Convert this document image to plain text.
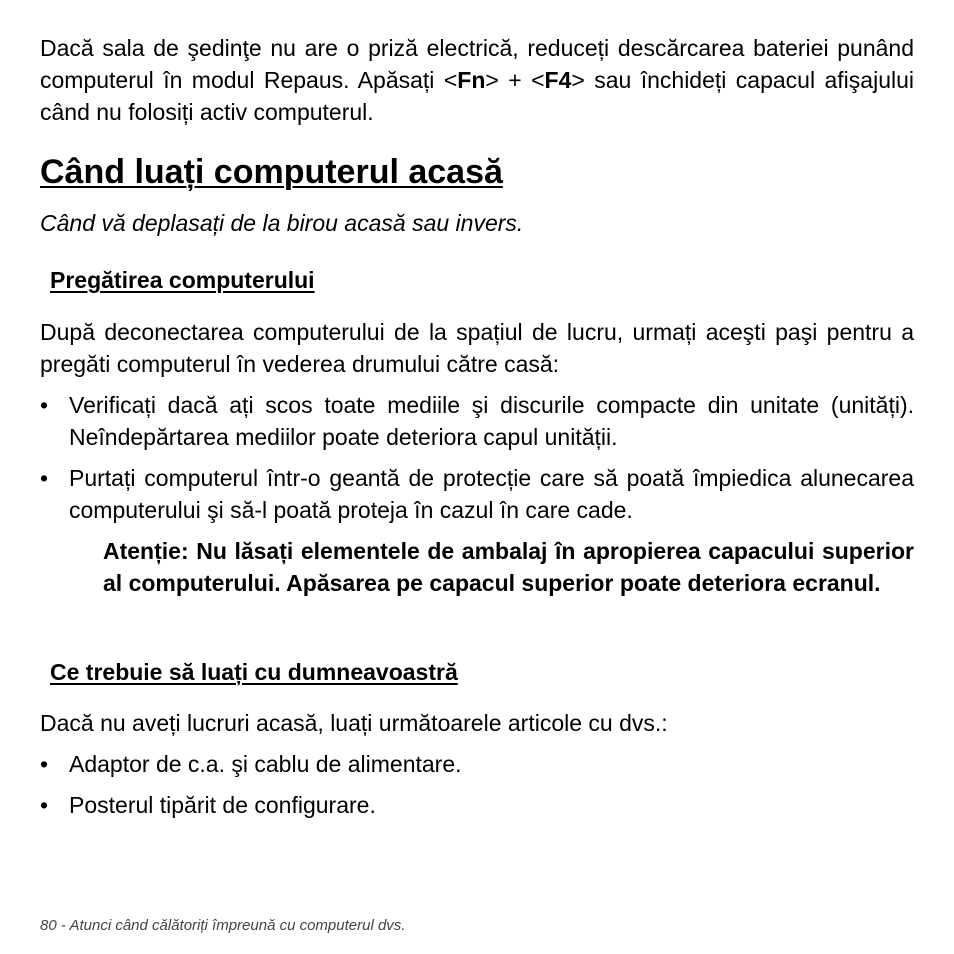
Dacă sala de şedinţe nu are o priză electrică, reduceți descărcarea bateriei punând computerul în modul Repaus. Apăsați <Fn> + <F4> sau închideți capacul afişajului când nu folosiți activ computerul.

Când luați computerul acasă

Când vă deplasați de la birou acasă sau invers.

Pregătirea computerului

După deconectarea computerului de la spațiul de lucru, urmați aceşti paşi pentru a pregăti computerul în vederea drumului către casă:

• Verificați dacă ați scos toate mediile şi discurile compacte din unitate (unități). Neîndepărtarea mediilor poate deteriora capul unității.
• Purtați computerul într-o geantă de protecție care să poată împiedica alunecarea computerului şi să-l poată proteja în cazul în care cade.
Atenție: Nu lăsați elementele de ambalaj în apropierea capacului superior al computerului. Apăsarea pe capacul superior poate deteriora ecranul.
Ce trebuie să luați cu dumneavoastră

Dacă nu aveți lucruri acasă, luați următoarele articole cu dvs.:

• Adaptor de c.a. şi cablu de alimentare.
• Posterul tipărit de configurare.
80 - Atunci când călătoriți împreună cu computerul dvs.
